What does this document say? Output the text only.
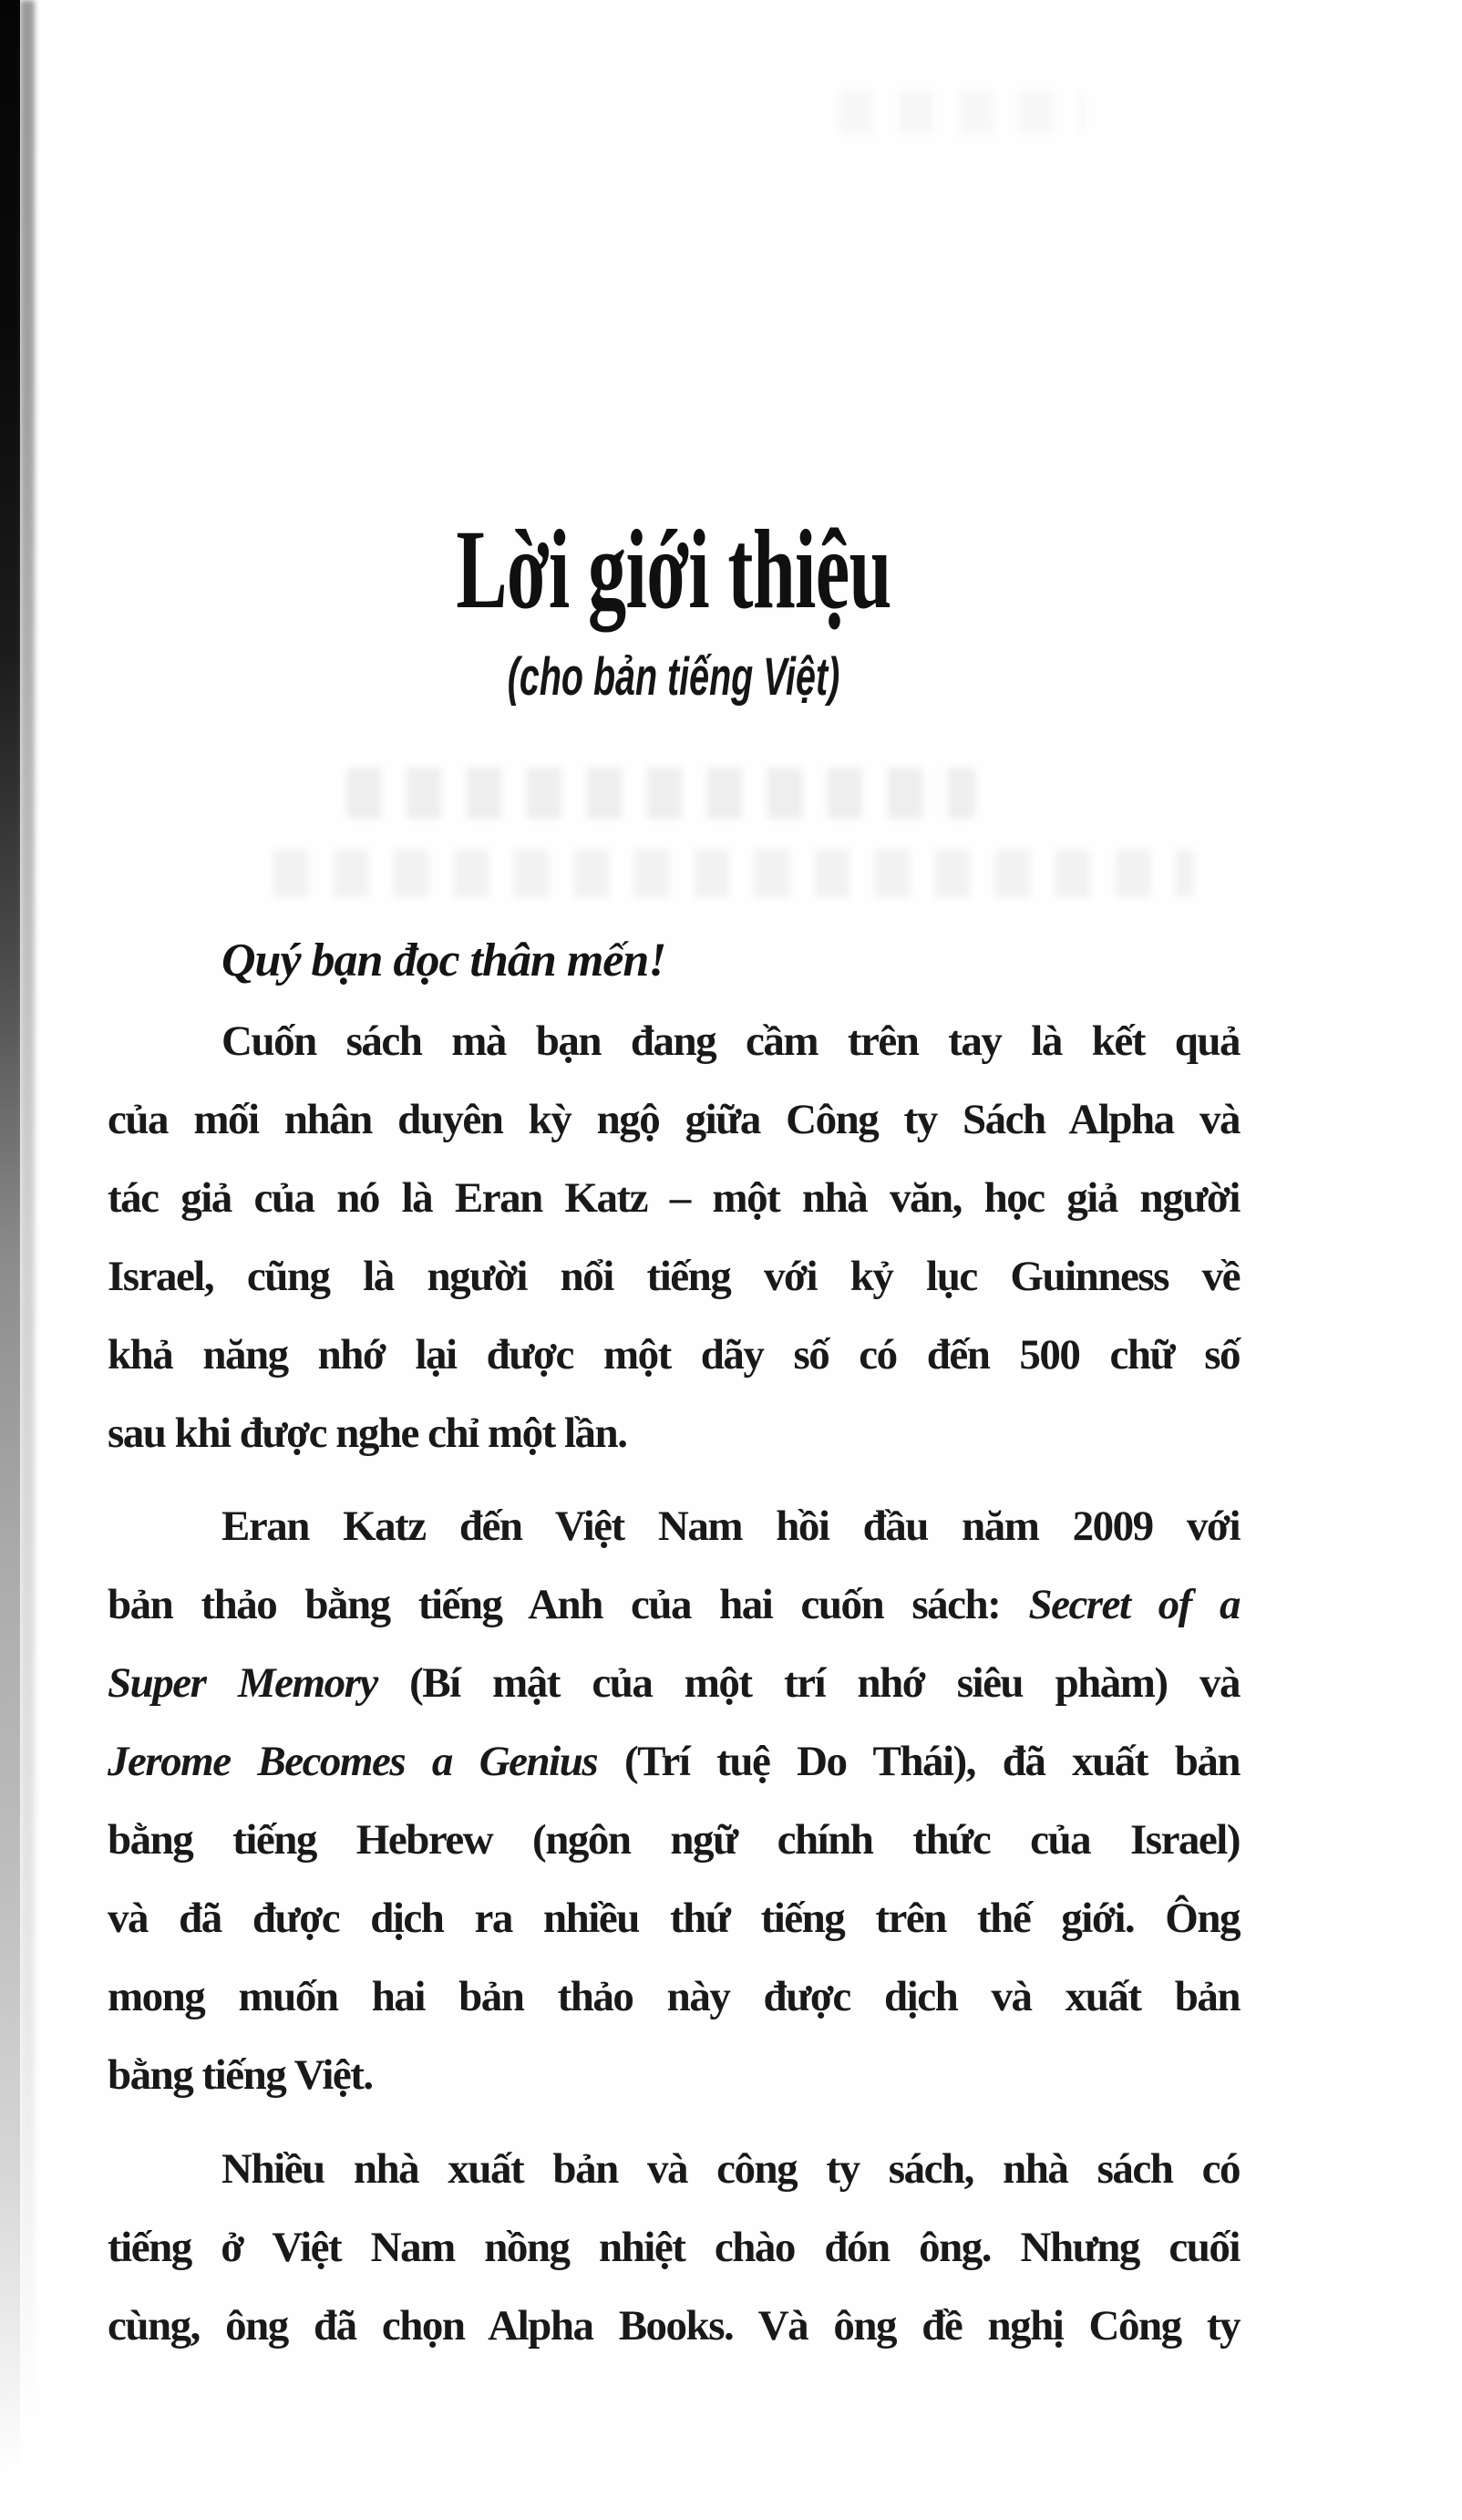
Lời giới thiệu
(cho bản tiếng Việt)
Quý bạn đọc thân mến!
Cuốn sách mà bạn đang cầm trên tay là kết quả
của mối nhân duyên kỳ ngộ giữa Công ty Sách Alpha và
tác giả của nó là Eran Katz – một nhà văn, học giả người
Israel, cũng là người nổi tiếng với kỷ lục Guinness về
khả năng nhớ lại được một dãy số có đến 500 chữ số
sau khi được nghe chỉ một lần.
Eran Katz đến Việt Nam hồi đầu năm 2009 với
bản thảo bằng tiếng Anh của hai cuốn sách: Secret of a
Super Memory (Bí mật của một trí nhớ siêu phàm) và
Jerome Becomes a Genius (Trí tuệ Do Thái), đã xuất bản
bằng tiếng Hebrew (ngôn ngữ chính thức của Israel)
và đã được dịch ra nhiều thứ tiếng trên thế giới. Ông
mong muốn hai bản thảo này được dịch và xuất bản
bằng tiếng Việt.
Nhiều nhà xuất bản và công ty sách, nhà sách có
tiếng ở Việt Nam nồng nhiệt chào đón ông. Nhưng cuối
cùng, ông đã chọn Alpha Books. Và ông đề nghị Công ty
